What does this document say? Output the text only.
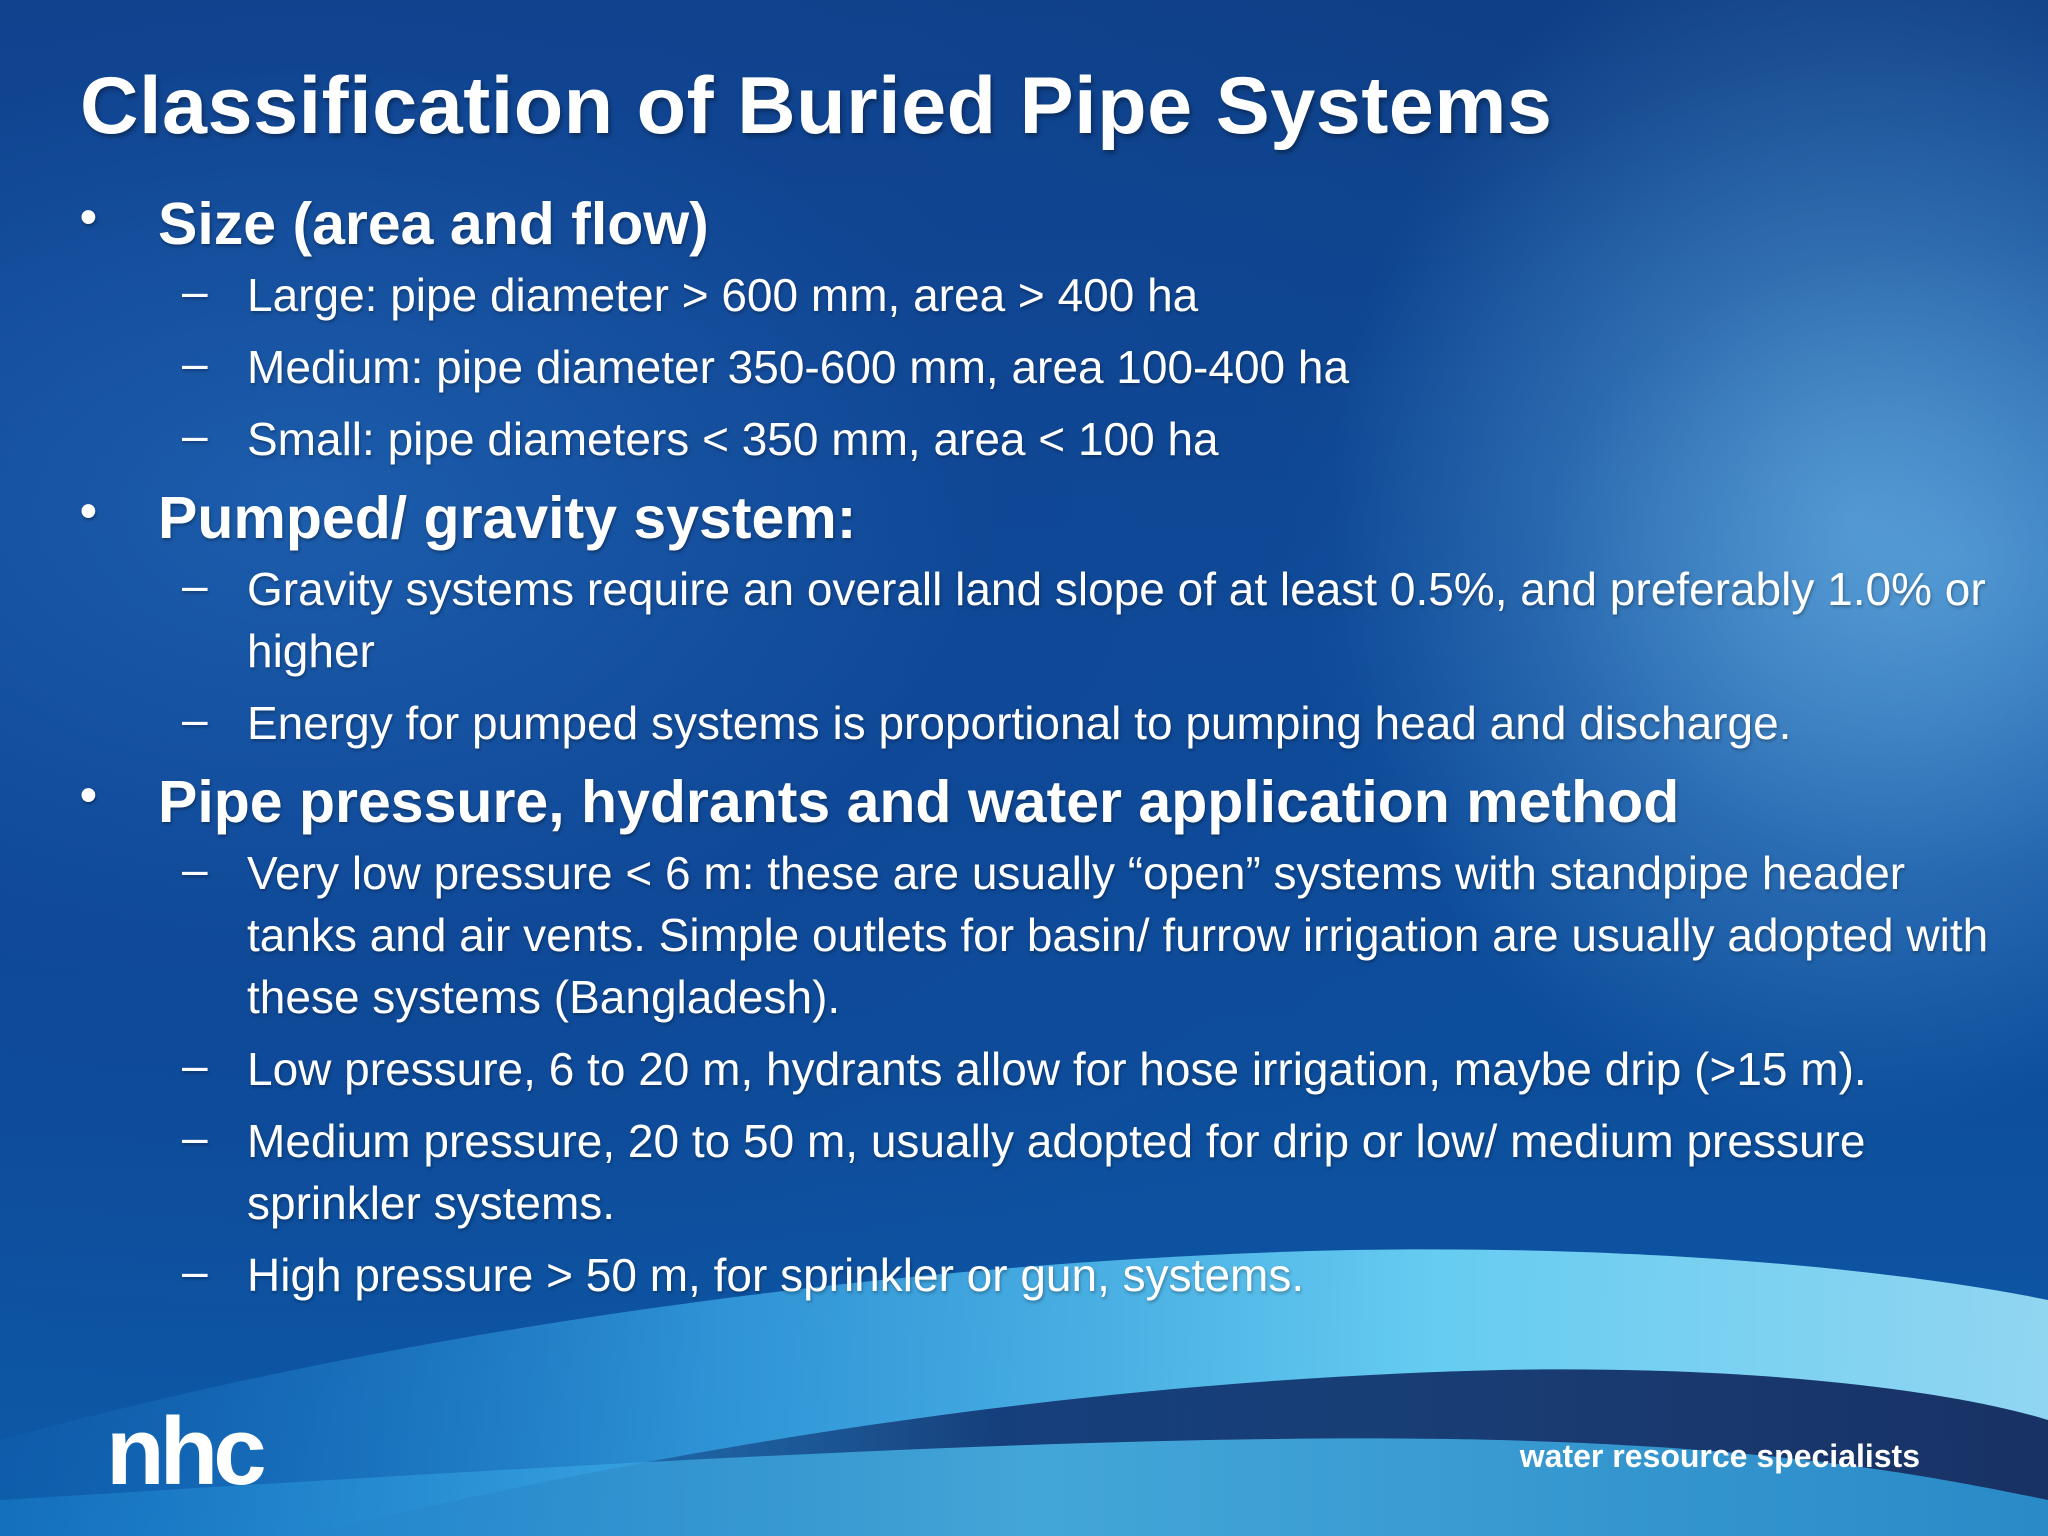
Classification of Buried Pipe Systems
• Size (area and flow)
– Large: pipe diameter > 600 mm, area > 400 ha
– Medium: pipe diameter 350-600 mm, area 100-400 ha
– Small: pipe diameters < 350 mm, area < 100 ha
• Pumped/ gravity system:
– Gravity systems require an overall land slope of at least 0.5%, and preferably 1.0% or higher
– Energy for pumped systems is proportional to pumping head and discharge.
• Pipe pressure, hydrants and water application method
– Very low pressure < 6 m: these are usually “open” systems with standpipe header tanks and air vents. Simple outlets for basin/ furrow irrigation are usually adopted with these systems (Bangladesh).
– Low pressure, 6 to 20 m, hydrants allow for hose irrigation, maybe drip (>15 m).
– Medium pressure, 20 to 50 m, usually adopted for drip or low/ medium pressure sprinkler systems.
– High pressure > 50 m, for sprinkler or gun, systems.
nhc	water resource specialists
